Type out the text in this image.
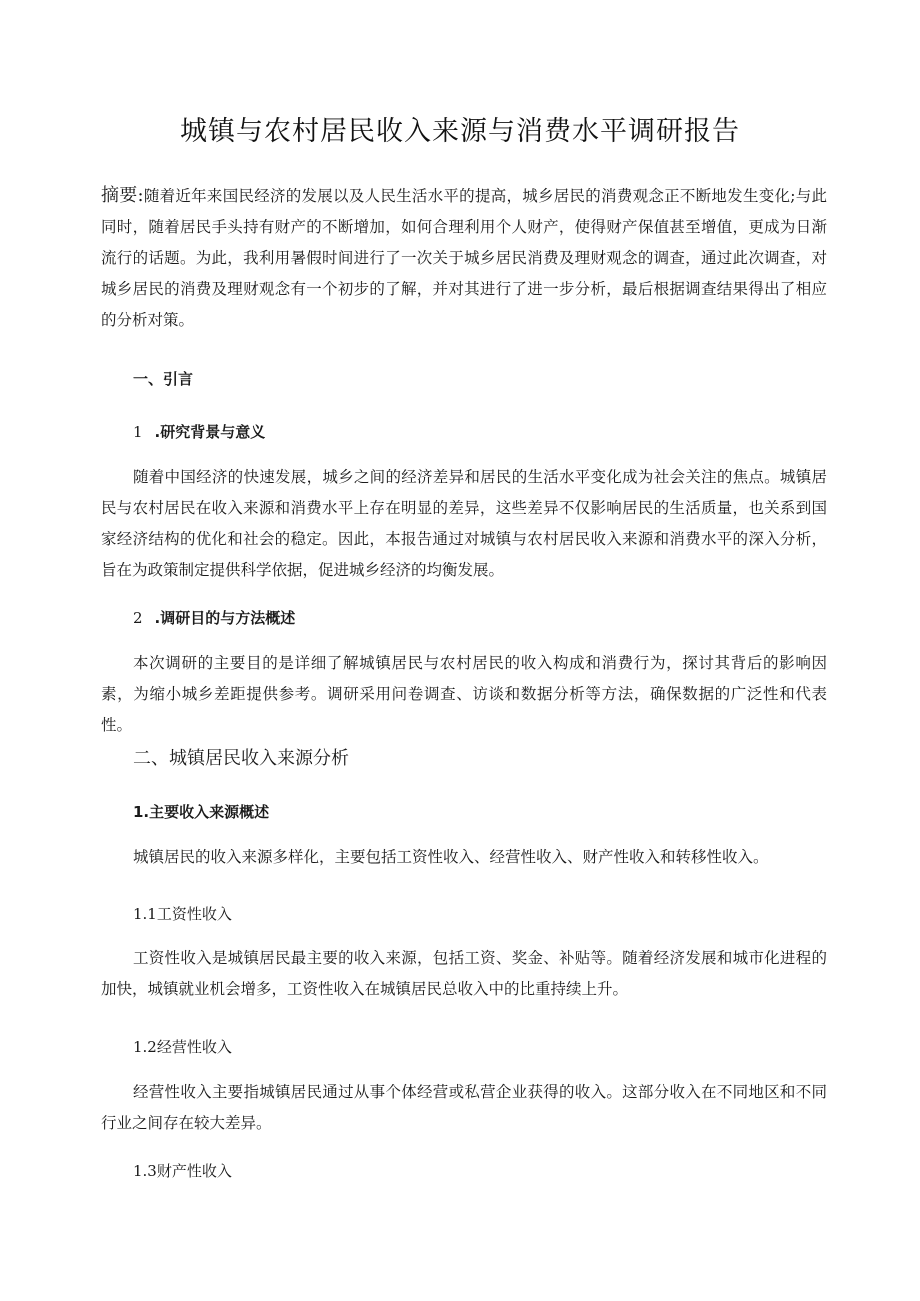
城镇与农村居民收入来源与消费水平调研报告
摘要:随着近年来国民经济的发展以及人民生活水平的提高，城乡居民的消费观念正不断地发生变化;与此同时，随着居民手头持有财产的不断增加，如何合理利用个人财产，使得财产保值甚至增值，更成为日渐流行的话题。为此，我利用暑假时间进行了一次关于城乡居民消费及理财观念的调查，通过此次调查，对城乡居民的消费及理财观念有一个初步的了解，并对其进行了进一步分析，最后根据调查结果得出了相应的分析对策。
一、引言
1 .研究背景与意义
随着中国经济的快速发展，城乡之间的经济差异和居民的生活水平变化成为社会关注的焦点。城镇居民与农村居民在收入来源和消费水平上存在明显的差异，这些差异不仅影响居民的生活质量，也关系到国家经济结构的优化和社会的稳定。因此，本报告通过对城镇与农村居民收入来源和消费水平的深入分析，旨在为政策制定提供科学依据，促进城乡经济的均衡发展。
2 .调研目的与方法概述
本次调研的主要目的是详细了解城镇居民与农村居民的收入构成和消费行为，探讨其背后的影响因素，为缩小城乡差距提供参考。调研采用问卷调查、访谈和数据分析等方法，确保数据的广泛性和代表性。
二、城镇居民收入来源分析
1.主要收入来源概述
城镇居民的收入来源多样化，主要包括工资性收入、经营性收入、财产性收入和转移性收入。
1.1工资性收入
工资性收入是城镇居民最主要的收入来源，包括工资、奖金、补贴等。随着经济发展和城市化进程的加快，城镇就业机会增多，工资性收入在城镇居民总收入中的比重持续上升。
1.2经营性收入
经营性收入主要指城镇居民通过从事个体经营或私营企业获得的收入。这部分收入在不同地区和不同行业之间存在较大差异。
1.3财产性收入
